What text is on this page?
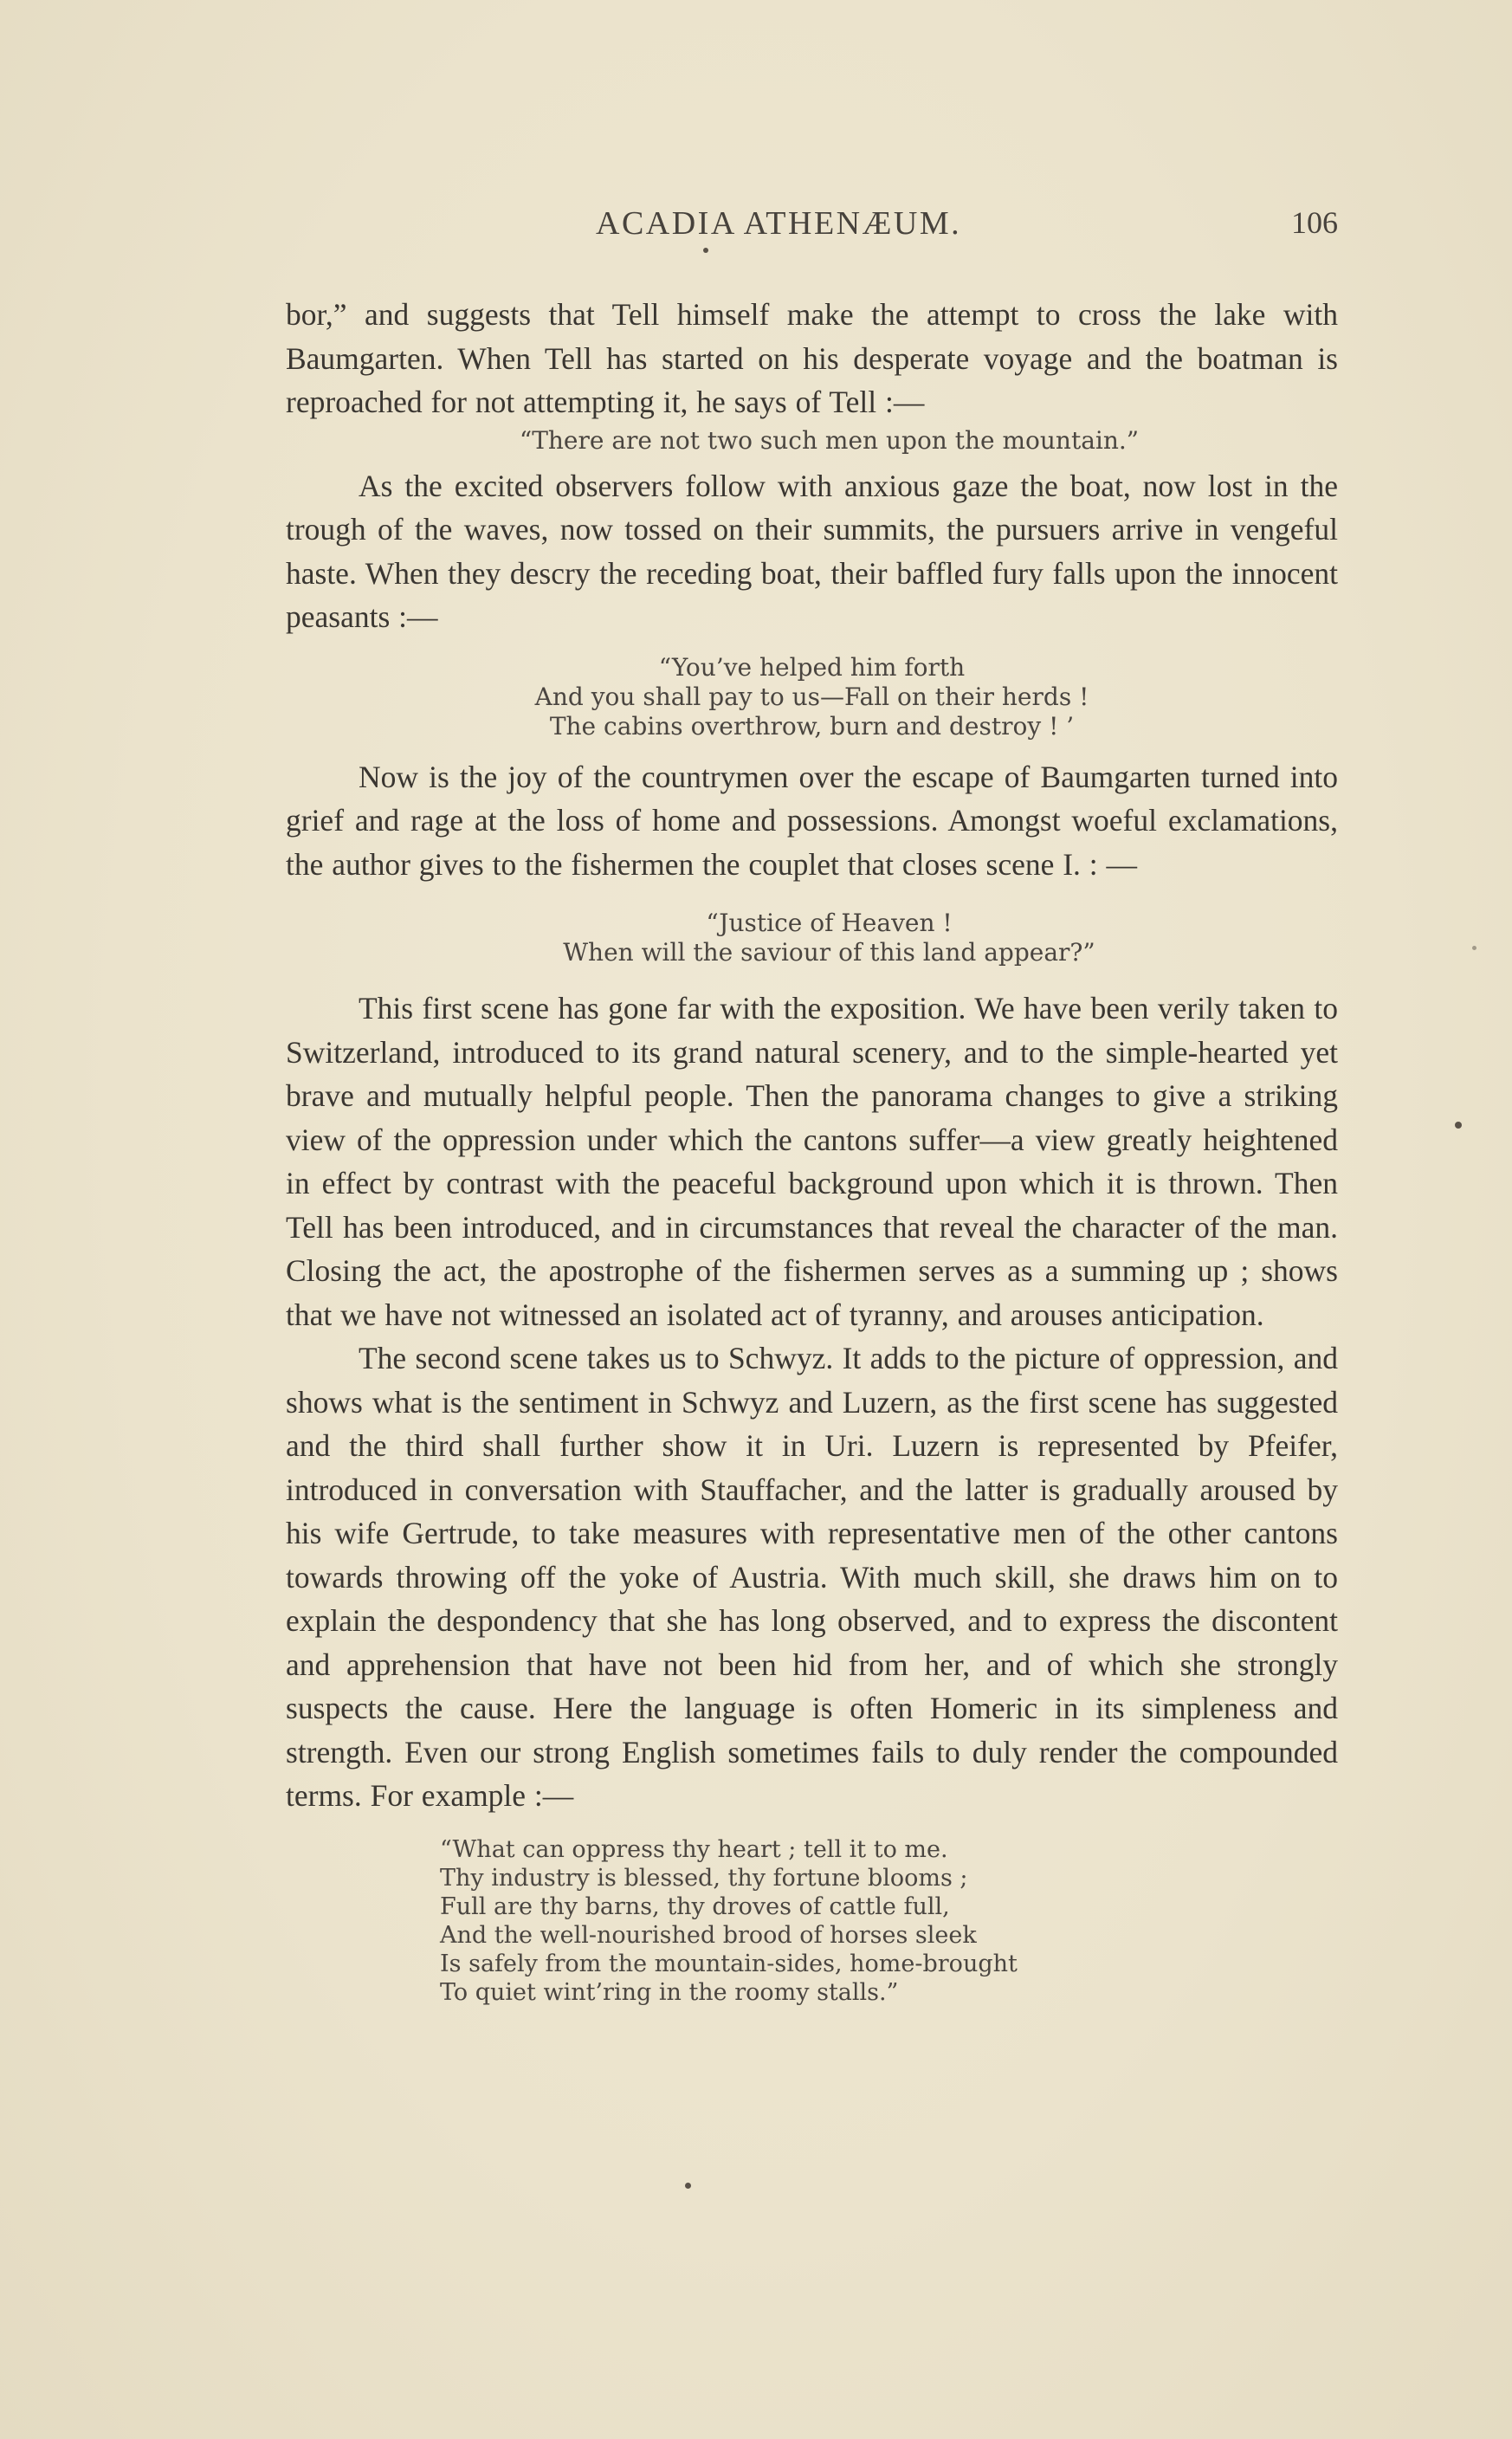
ACADIA ATHENÆUM.	106

bor,” and suggests that Tell himself make the attempt to cross the lake with Baumgarten. When Tell has started on his desperate voyage and the boatman is reproached for not attempting it, he says of Tell :—

“There are not two such men upon the mountain.”

As the excited observers follow with anxious gaze the boat, now lost in the trough of the waves, now tossed on their summits, the pursuers arrive in vengeful haste. When they descry the receding boat, their baffled fury falls upon the innocent peasants :—

“You’ve helped him forth

And you shall pay to us—Fall on their herds !

The cabins overthrow, burn and destroy ! ’

Now is the joy of the countrymen over the escape of Baumgarten turned into grief and rage at the loss of home and possessions. Amongst woeful exclamations, the author gives to the fishermen the couplet that closes scene I. : —

“Justice of Heaven !

When will the saviour of this land appear?”

This first scene has gone far with the exposition. We have been verily taken to Switzerland, introduced to its grand natural scenery, and to the simple-hearted yet brave and mutually helpful people. Then the panorama changes to give a striking view of the oppression under which the cantons suffer—a view greatly heightened in effect by contrast with the peaceful background upon which it is thrown. Then Tell has been introduced, and in circumstances that reveal the character of the man. Closing the act, the apostrophe of the fishermen serves as a summing up ; shows that we have not witnessed an isolated act of tyranny, and arouses anticipation.

The second scene takes us to Schwyz. It adds to the picture of oppression, and shows what is the sentiment in Schwyz and Luzern, as the first scene has suggested and the third shall further show it in Uri. Luzern is represented by Pfeifer, introduced in conversation with Stauffacher, and the latter is gradually aroused by his wife Gertrude, to take measures with representative men of the other cantons towards throwing off the yoke of Austria. With much skill, she draws him on to explain the despondency that she has long observed, and to express the discontent and apprehension that have not been hid from her, and of which she strongly suspects the cause. Here the language is often Homeric in its simpleness and strength. Even our strong English sometimes fails to duly render the compounded terms. For example :—

“What can oppress thy heart ; tell it to me.

Thy industry is blessed, thy fortune blooms ;

Full are thy barns, thy droves of cattle full,

And the well-nourished brood of horses sleek

Is safely from the mountain-sides, home-brought

To quiet wint’ring in the roomy stalls.”
